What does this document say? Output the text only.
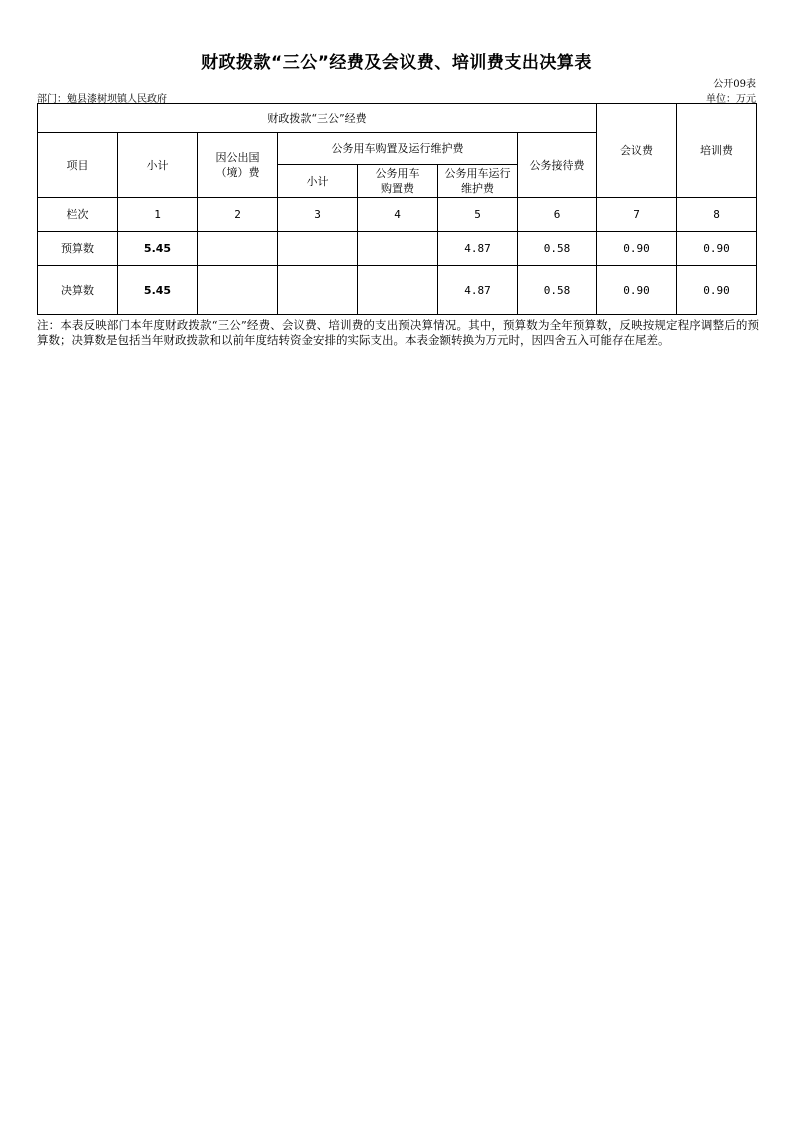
财政拨款“三公”经费及会议费、培训费支出决算表
公开09表
部门：勉县漆树坝镇人民政府	单位：万元
财政拨款“三公”经费							会议费	培训费
项目	小计	因公出国（境）费	公务用车购置及运行维护费			公务接待费		
			小计	公务用车购置费	公务用车运行维护费			
栏次	1	2	3	4	5	6	7	8
预算数	5.45				4.87	0.58	0.90	0.90
决算数	5.45				4.87	0.58	0.90	0.90
注：本表反映部门本年度财政拨款“三公”经费、会议费、培训费的支出预决算情况。其中，预算数为全年预算数，反映按规定程序调整后的预算数；决算数是包括当年财政拨款和以前年度结转资金安排的实际支出。本表金额转换为万元时，因四舍五入可能存在尾差。
